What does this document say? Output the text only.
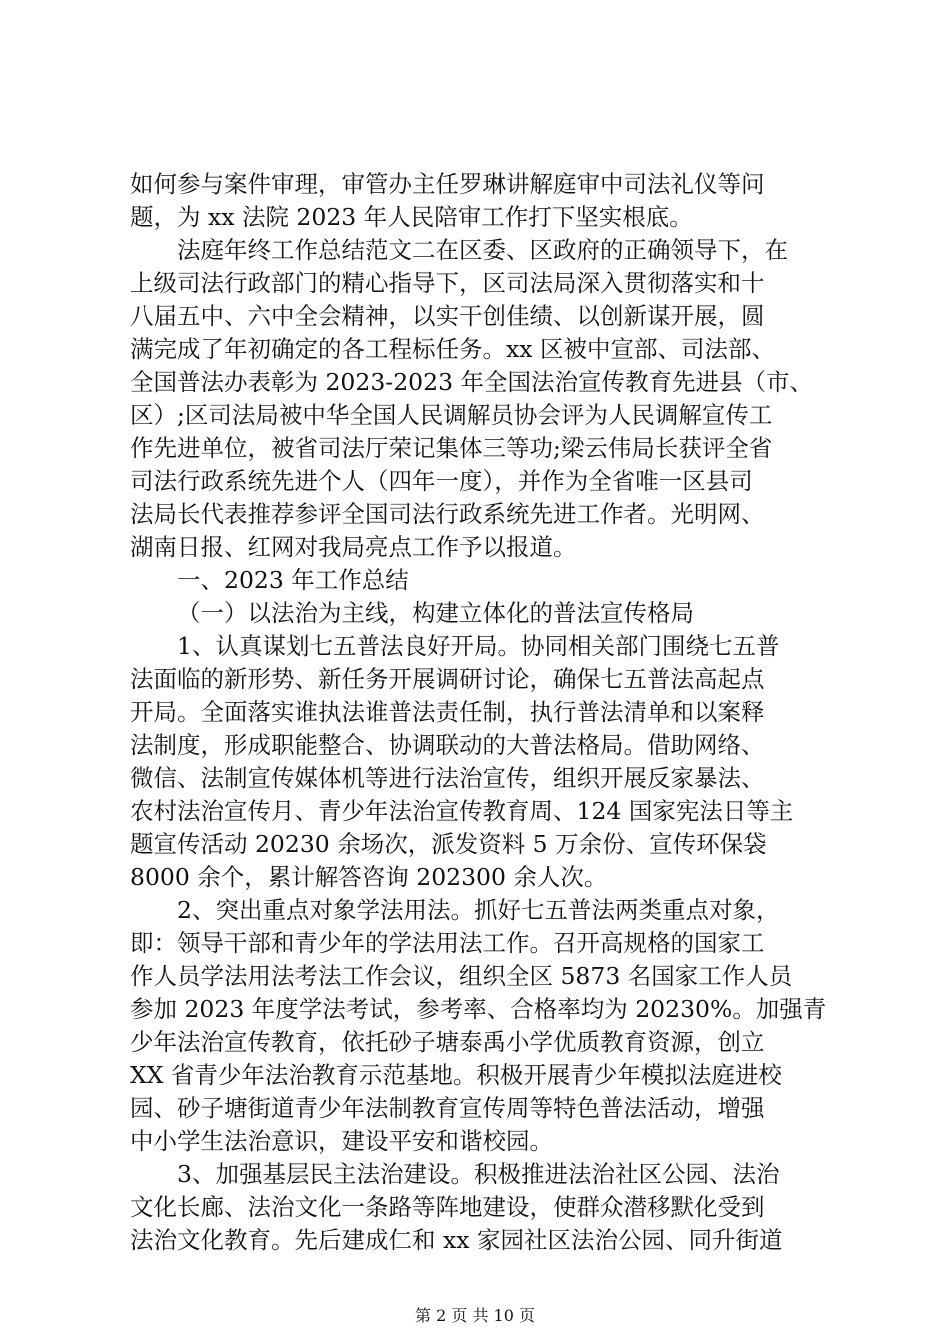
如何参与案件审理，审管办主任罗琳讲解庭审中司法礼仪等问
题，为 xx 法院 2023 年人民陪审工作打下坚实根底。
法庭年终工作总结范文二在区委、区政府的正确领导下，在
上级司法行政部门的精心指导下，区司法局深入贯彻落实和十
八届五中、六中全会精神，以实干创佳绩、以创新谋开展，圆
满完成了年初确定的各工程标任务。xx 区被中宣部、司法部、
全国普法办表彰为 2023-2023 年全国法治宣传教育先进县（市、
区）;区司法局被中华全国人民调解员协会评为人民调解宣传工
作先进单位，被省司法厅荣记集体三等功;梁云伟局长获评全省
司法行政系统先进个人（四年一度），并作为全省唯一区县司
法局长代表推荐参评全国司法行政系统先进工作者。光明网、
湖南日报、红网对我局亮点工作予以报道。
一、2023 年工作总结
（一）以法治为主线，构建立体化的普法宣传格局
1、认真谋划七五普法良好开局。协同相关部门围绕七五普
法面临的新形势、新任务开展调研讨论，确保七五普法高起点
开局。全面落实谁执法谁普法责任制，执行普法清单和以案释
法制度，形成职能整合、协调联动的大普法格局。借助网络、
微信、法制宣传媒体机等进行法治宣传，组织开展反家暴法、
农村法治宣传月、青少年法治宣传教育周、124 国家宪法日等主
题宣传活动 20230 余场次，派发资料 5 万余份、宣传环保袋
8000 余个，累计解答咨询 202300 余人次。
2、突出重点对象学法用法。抓好七五普法两类重点对象，
即：领导干部和青少年的学法用法工作。召开高规格的国家工
作人员学法用法考法工作会议，组织全区 5873 名国家工作人员
参加 2023 年度学法考试，参考率、合格率均为 20230%。加强青
少年法治宣传教育，依托砂子塘泰禹小学优质教育资源，创立
XX 省青少年法治教育示范基地。积极开展青少年模拟法庭进校
园、砂子塘街道青少年法制教育宣传周等特色普法活动，增强
中小学生法治意识，建设平安和谐校园。
3、加强基层民主法治建设。积极推进法治社区公园、法治
文化长廊、法治文化一条路等阵地建设，使群众潜移默化受到
法治文化教育。先后建成仁和 xx 家园社区法治公园、同升街道
第 2 页 共 10 页
